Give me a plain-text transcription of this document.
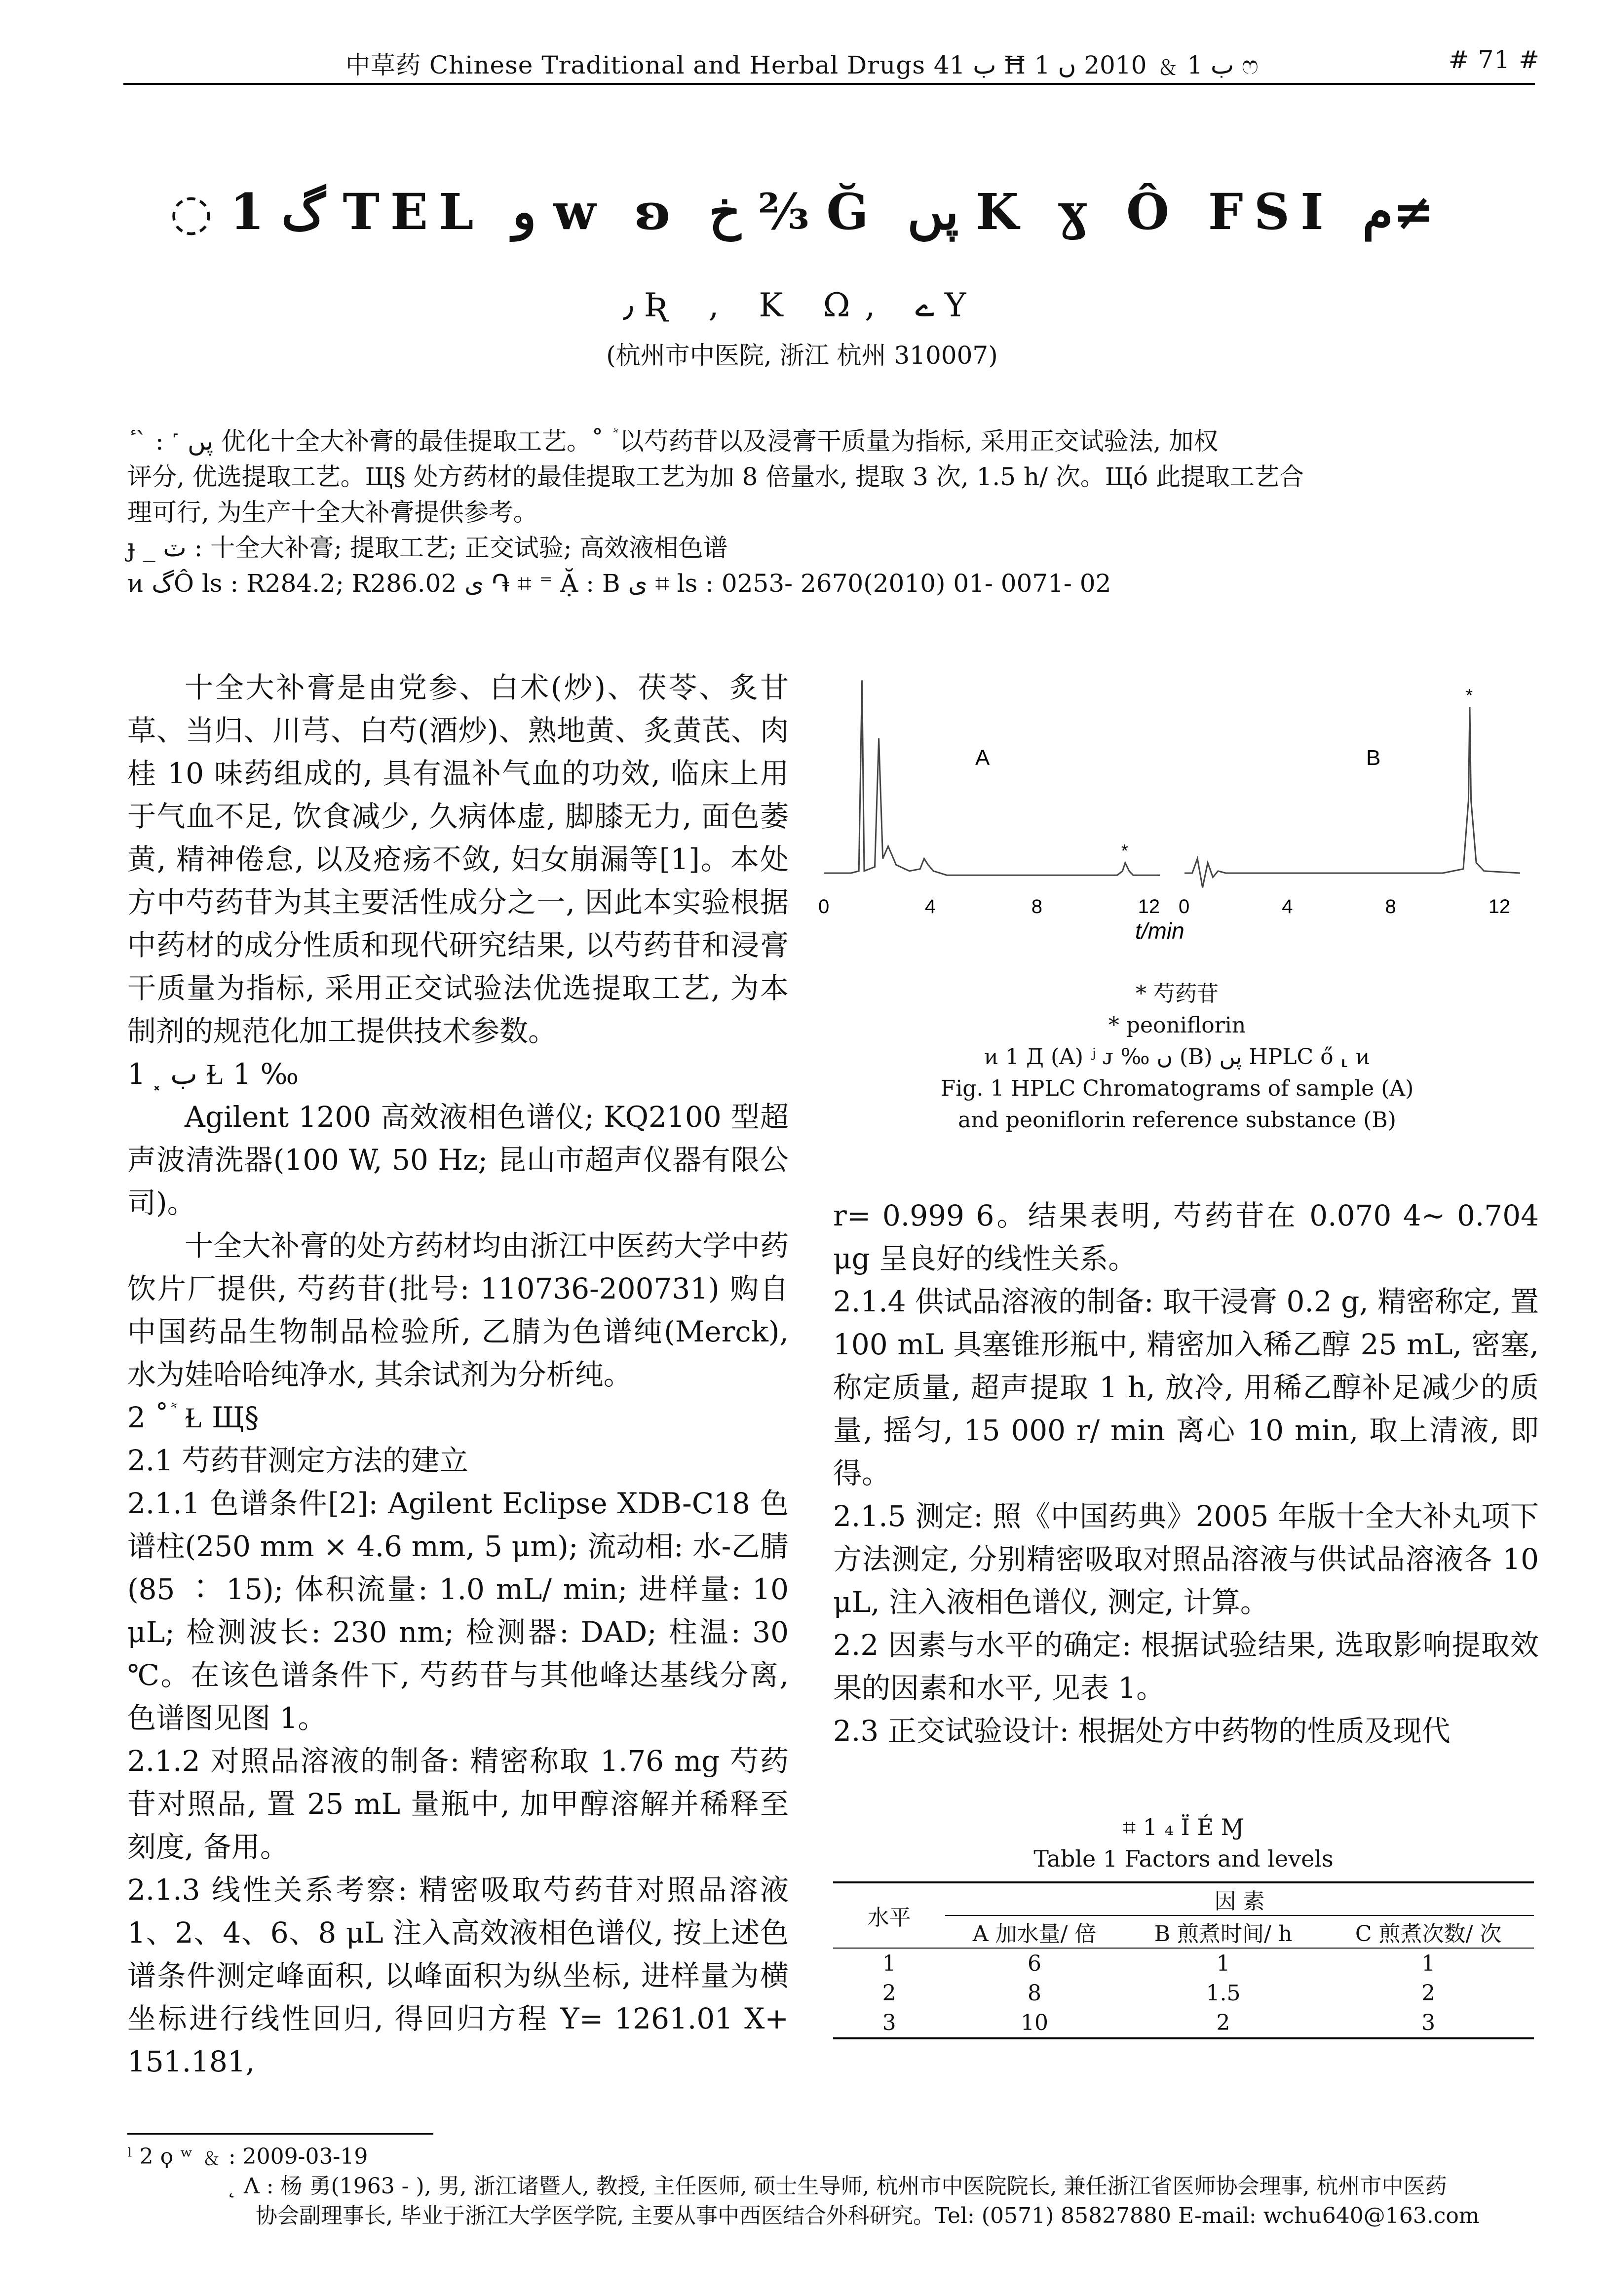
中草药 Chinese Traditional and Herbal Drugs ب 41 Ħ ب 1 ﹠ 2010 ں 1 ෆ	# 71 #
◌ 1 گ TEL و w ʚ خ ⅔ Ğ پں K ɣ Ô FSI م≠
٫ Ʀ , K Ω, ے Y
(杭州市中医院, 浙江 杭州 310007)

ٔ ˋ : ˹ پں 优化十全大补膏的最佳提取工艺。˚ ٞ 以芍药苷以及浸膏干质量为指标, 采用正交试验法, 加权

评分, 优选提取工艺。Щ§ 处方药材的最佳提取工艺为加 8 倍量水, 提取 3 次, 1.5 h/ 次。Щó 此提取工艺合

理可行, 为生产十全大补膏提供参考。

ɟ _ ٽ : 十全大补膏; 提取工艺; 正交试验; 高效液相色谱

ͷ گÔ ls : R284.2; R286.02 ى ֏ ⌗ ⁼ Ặ : B ى ⌗ ls : 0253- 2670(2010) 01- 0071- 02

十全大补膏是由党参、白术(炒)、茯苓、炙甘草、当归、川芎、白芍(酒炒)、熟地黄、炙黄芪、肉桂 10 味药组成的, 具有温补气血的功效, 临床上用于气血不足, 饮食减少, 久病体虚, 脚膝无力, 面色萎黄, 精神倦怠, 以及疮疡不敛, 妇女崩漏等[1]。本处方中芍药苷为其主要活性成分之一, 因此本实验根据中药材的成分性质和现代研究结果, 以芍药苷和浸膏干质量为指标, 采用正交试验法优选提取工艺, 为本制剂的规范化加工提供技术参数。

1 ⸼ ب Ɫ 1 ‰

Agilent 1200 高效液相色谱仪; KQ2100 型超声波清洗器(100 W, 50 Hz; 昆山市超声仪器有限公司)。

十全大补膏的处方药材均由浙江中医药大学中药饮片厂提供, 芍药苷(批号: 110736-200731) 购自中国药品生物制品检验所, 乙腈为色谱纯(Merck), 水为娃哈哈纯净水, 其余试剂为分析纯。

2 ˚ ٞ Ɫ Щ§

2.1 芍药苷测定方法的建立

2.1.1 色谱条件[2]: Agilent Eclipse XDB-C18 色谱柱(250 mm × 4.6 mm, 5 μm); 流动相: 水-乙腈(85 ∶ 15); 体积流量: 1.0 mL/ min; 进样量: 10 μL; 检测波长: 230 nm; 检测器: DAD; 柱温: 30 ℃。在该色谱条件下, 芍药苷与其他峰达基线分离, 色谱图见图 1。

2.1.2 对照品溶液的制备: 精密称取 1.76 mg 芍药苷对照品, 置 25 mL 量瓶中, 加甲醇溶解并稀释至刻度, 备用。

2.1.3 线性关系考察: 精密吸取芍药苷对照品溶液 1、2、4、6、8 μL 注入高效液相色谱仪, 按上述色谱条件测定峰面积, 以峰面积为纵坐标, 进样量为横坐标进行线性回归, 得回归方程 Y= 1261.01 X+ 151.181,

A	B
t/min
*
0	4	8	12
*
0	4	8	12
* 芍药苷
* peoniflorin
ͷ 1 Д (A) ʲ ᴊ ‰ ں (B) پں HPLC ő ⸤ ͷ
Fig. 1 HPLC Chromatograms of sample (A)
and peoniflorin reference substance (B)

r= 0.999 6。结果表明, 芍药苷在 0.070 4~ 0.704 μg 呈良好的线性关系。

2.1.4 供试品溶液的制备: 取干浸膏 0.2 g, 精密称定, 置 100 mL 具塞锥形瓶中, 精密加入稀乙醇 25 mL, 密塞, 称定质量, 超声提取 1 h, 放冷, 用稀乙醇补足减少的质量, 摇匀, 15 000 r/ min 离心 10 min, 取上清液, 即得。

2.1.5 测定: 照《中国药典》2005 年版十全大补丸项下方法测定, 分别精密吸取对照品溶液与供试品溶液各 10 μL, 注入液相色谱仪, 测定, 计算。

2.2 因素与水平的确定: 根据试验结果, 选取影响提取效果的因素和水平, 见表 1。

2.3 正交试验设计: 根据处方中药物的性质及现代

⌗ 1 ₄ Ϊ É Ɱ
Table 1 Factors and levels
水平	因 素		
	A 加水量/ 倍	B 煎煮时间/ h	C 煎煮次数/ 次
1	6	1	1
2	8	1.5	2
3	10	2	3
ˡ 2 ϙ ʷ ﹠ : 2009-03-19
˛ Ʌ : 杨 勇(1963 - ), 男, 浙江诸暨人, 教授, 主任医师, 硕士生导师, 杭州市中医院院长, 兼任浙江省医师协会理事, 杭州市中医药
协会副理事长, 毕业于浙江大学医学院, 主要从事中西医结合外科研究。Tel: (0571) 85827880 E-mail: wchu640@163.com
